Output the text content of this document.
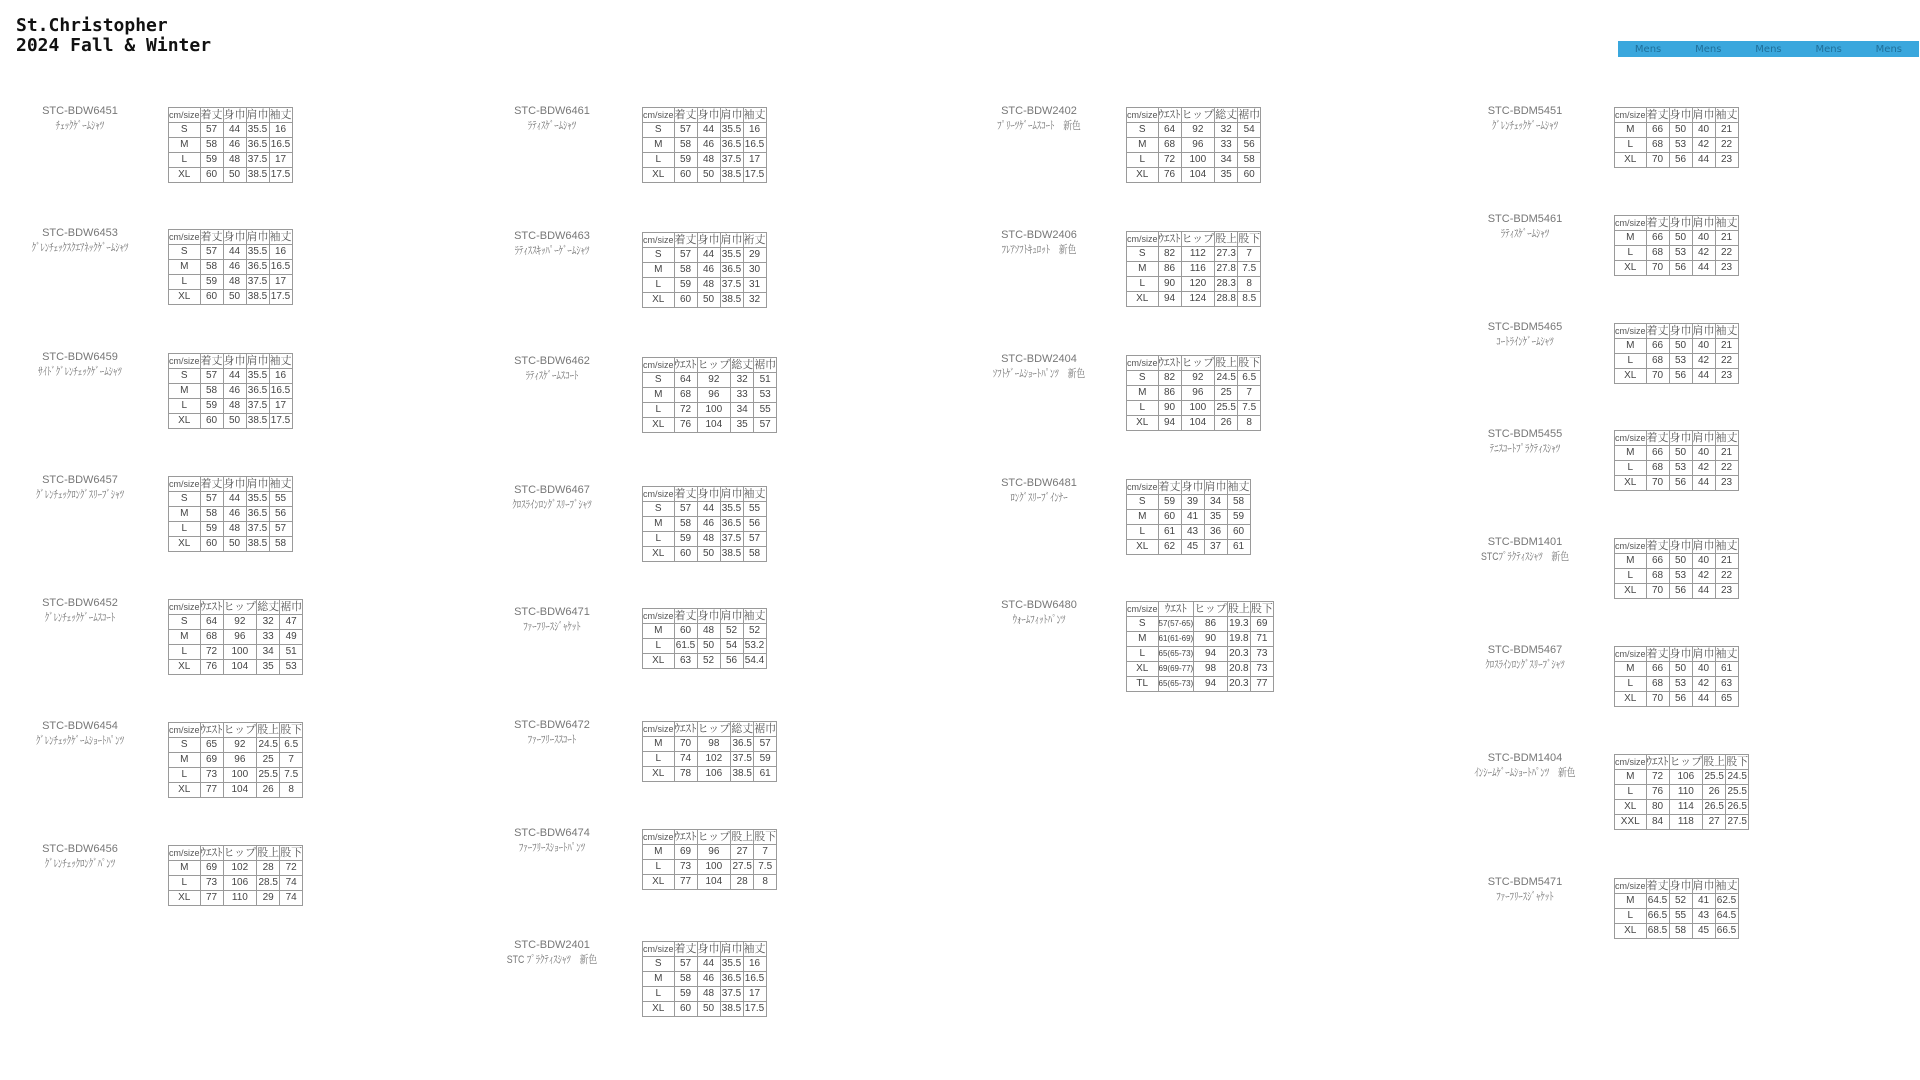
St.Christopher
2024 Fall & Winter	Mens	Mens	Mens	Mens	Mens
STC-BDW6451
ﾁｪｯｸｹﾞｰﾑｼｬﾂ
cm/size	着丈	身巾	肩巾	袖丈
S	57	44	35.5	16
M	58	46	36.5	16.5
L	59	48	37.5	17
XL	60	50	38.5	17.5
STC-BDW6453
ｸﾞﾚﾝﾁｪｯｸｽｸｴｱﾈｯｸｹﾞｰﾑｼｬﾂ
cm/size	着丈	身巾	肩巾	袖丈
S	57	44	35.5	16
M	58	46	36.5	16.5
L	59	48	37.5	17
XL	60	50	38.5	17.5
STC-BDW6459
ｻｲﾄﾞｸﾞﾚﾝﾁｪｯｸｹﾞｰﾑｼｬﾂ
cm/size	着丈	身巾	肩巾	袖丈
S	57	44	35.5	16
M	58	46	36.5	16.5
L	59	48	37.5	17
XL	60	50	38.5	17.5
STC-BDW6457
ｸﾞﾚﾝﾁｪｯｸﾛﾝｸﾞｽﾘｰﾌﾞｼｬﾂ
cm/size	着丈	身巾	肩巾	袖丈
S	57	44	35.5	55
M	58	46	36.5	56
L	59	48	37.5	57
XL	60	50	38.5	58
STC-BDW6452
ｸﾞﾚﾝﾁｪｯｸｹﾞｰﾑｽｺｰﾄ
cm/size	ｳｴｽﾄ	ヒップ	総丈	裾巾
S	64	92	32	47
M	68	96	33	49
L	72	100	34	51
XL	76	104	35	53
STC-BDW6454
ｸﾞﾚﾝﾁｪｯｸｹﾞｰﾑｼｮｰﾄﾊﾟﾝﾂ
cm/size	ｳｴｽﾄ	ヒップ	股上	股下
S	65	92	24.5	6.5
M	69	96	25	7
L	73	100	25.5	7.5
XL	77	104	26	8
STC-BDW6456
ｸﾞﾚﾝﾁｪｯｸﾛﾝｸﾞﾊﾟﾝﾂ
cm/size	ｳｴｽﾄ	ヒップ	股上	股下
M	69	102	28	72
L	73	106	28.5	74
XL	77	110	29	74
STC-BDW6461
ﾗﾃｨｽｹﾞｰﾑｼｬﾂ
cm/size	着丈	身巾	肩巾	袖丈
S	57	44	35.5	16
M	58	46	36.5	16.5
L	59	48	37.5	17
XL	60	50	38.5	17.5
STC-BDW6463
ﾗﾃｨｽｽｷｯﾊﾟｰｹﾞｰﾑｼｬﾂ
cm/size	着丈	身巾	肩巾	裄丈
S	57	44	35.5	29
M	58	46	36.5	30
L	59	48	37.5	31
XL	60	50	38.5	32
STC-BDW6462
ﾗﾃｨｽｹﾞｰﾑｽｺｰﾄ
cm/size	ｳｴｽﾄ	ヒップ	総丈	裾巾
S	64	92	32	51
M	68	96	33	53
L	72	100	34	55
XL	76	104	35	57
STC-BDW6467
ｸﾛｽﾗｲﾝﾛﾝｸﾞｽﾘｰﾌﾞｼｬﾂ
cm/size	着丈	身巾	肩巾	袖丈
S	57	44	35.5	55
M	58	46	36.5	56
L	59	48	37.5	57
XL	60	50	38.5	58
STC-BDW6471
ﾌｧｰﾌﾘｰｽｼﾞｬｹｯﾄ
cm/size	着丈	身巾	肩巾	袖丈
M	60	48	52	52
L	61.5	50	54	53.2
XL	63	52	56	54.4
STC-BDW6472
ﾌｧｰﾌﾘｰｽｽｺｰﾄ
cm/size	ｳｴｽﾄ	ヒップ	総丈	裾巾
M	70	98	36.5	57
L	74	102	37.5	59
XL	78	106	38.5	61
STC-BDW6474
ﾌｧｰﾌﾘｰｽｼｮｰﾄﾊﾟﾝﾂ
cm/size	ｳｴｽﾄ	ヒップ	股上	股下
M	69	96	27	7
L	73	100	27.5	7.5
XL	77	104	28	8
STC-BDW2401
STC ﾌﾟﾗｸﾃｨｽｼｬﾂ　新色
cm/size	着丈	身巾	肩巾	袖丈
S	57	44	35.5	16
M	58	46	36.5	16.5
L	59	48	37.5	17
XL	60	50	38.5	17.5
STC-BDW2402
ﾌﾟﾘｰﾂｹﾞｰﾑｽｺｰﾄ　新色
cm/size	ｳｴｽﾄ	ヒップ	総丈	裾巾
S	64	92	32	54
M	68	96	33	56
L	72	100	34	58
XL	76	104	35	60
STC-BDW2406
ﾌﾚｱｿﾌﾄｷｭﾛｯﾄ　新色
cm/size	ｳｴｽﾄ	ヒップ	股上	股下
S	82	112	27.3	7
M	86	116	27.8	7.5
L	90	120	28.3	8
XL	94	124	28.8	8.5
STC-BDW2404
ｿﾌﾄｹﾞｰﾑｼｮｰﾄﾊﾟﾝﾂ　新色
cm/size	ｳｴｽﾄ	ヒップ	股上	股下
S	82	92	24.5	6.5
M	86	96	25	7
L	90	100	25.5	7.5
XL	94	104	26	8
STC-BDW6481
ﾛﾝｸﾞｽﾘｰﾌﾞｲﾝﾅｰ
cm/size	着丈	身巾	肩巾	袖丈
S	59	39	34	58
M	60	41	35	59
L	61	43	36	60
XL	62	45	37	61
STC-BDW6480
ｳｫｰﾑﾌｨｯﾄﾊﾟﾝﾂ
cm/size	ｳｴｽﾄ	ヒップ	股上	股下
S	57(57-65)	86	19.3	69
M	61(61-69)	90	19.8	71
L	65(65-73)	94	20.3	73
XL	69(69-77)	98	20.8	73
TL	65(65-73)	94	20.3	77
STC-BDM5451
ｸﾞﾚﾝﾁｪｯｸｹﾞｰﾑｼｬﾂ
cm/size	着丈	身巾	肩巾	袖丈
M	66	50	40	21
L	68	53	42	22
XL	70	56	44	23
STC-BDM5461
ﾗﾃｨｽｹﾞｰﾑｼｬﾂ
cm/size	着丈	身巾	肩巾	袖丈
M	66	50	40	21
L	68	53	42	22
XL	70	56	44	23
STC-BDM5465
ｺｰﾄﾗｲﾝｹﾞｰﾑｼｬﾂ
cm/size	着丈	身巾	肩巾	袖丈
M	66	50	40	21
L	68	53	42	22
XL	70	56	44	23
STC-BDM5455
ﾃﾆｽｺｰﾄﾌﾟﾗｸﾃｨｽｼｬﾂ
cm/size	着丈	身巾	肩巾	袖丈
M	66	50	40	21
L	68	53	42	22
XL	70	56	44	23
STC-BDM1401
STCﾌﾟﾗｸﾃｨｽｼｬﾂ　新色
cm/size	着丈	身巾	肩巾	袖丈
M	66	50	40	21
L	68	53	42	22
XL	70	56	44	23
STC-BDM5467
ｸﾛｽﾗｲﾝﾛﾝｸﾞｽﾘｰﾌﾞｼｬﾂ
cm/size	着丈	身巾	肩巾	袖丈
M	66	50	40	61
L	68	53	42	63
XL	70	56	44	65
STC-BDM1404
ｲﾝｼｰﾑｹﾞｰﾑｼｮｰﾄﾊﾟﾝﾂ　新色
cm/size	ｳｴｽﾄ	ヒップ	股上	股下
M	72	106	25.5	24.5
L	76	110	26	25.5
XL	80	114	26.5	26.5
XXL	84	118	27	27.5
STC-BDM5471
ﾌｧｰﾌﾘｰｽｼﾞｬｹｯﾄ
cm/size	着丈	身巾	肩巾	袖丈
M	64.5	52	41	62.5
L	66.5	55	43	64.5
XL	68.5	58	45	66.5
